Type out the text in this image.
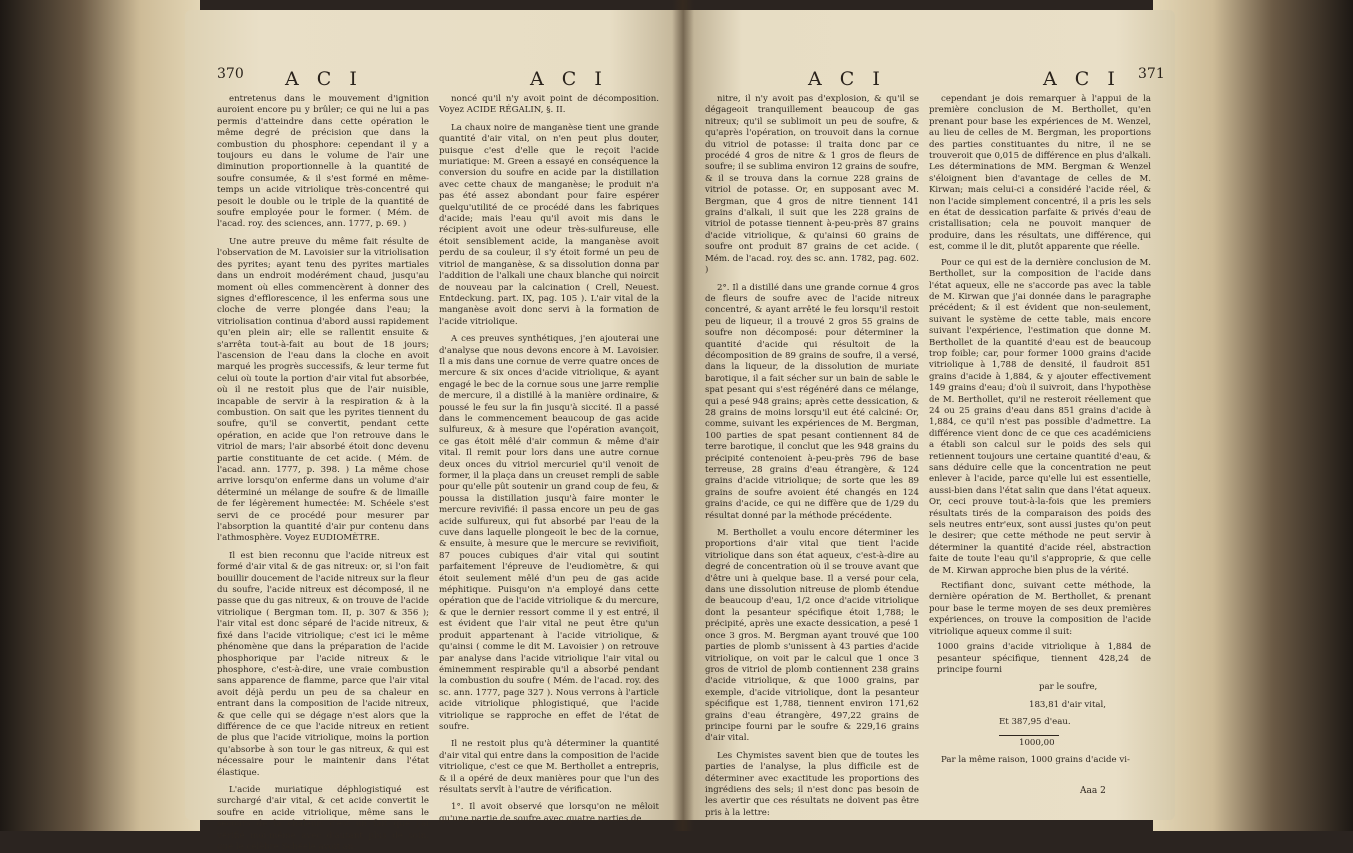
370 A C I	A C I

entretenus dans le mouvement d'ignition auroient encore pu y brûler; ce qui ne lui a pas permis d'atteindre dans cette opération le même degré de précision que dans la combustion du phosphore: cependant il y a toujours eu dans le volume de l'air une diminution proportionnelle à la quantité de soufre consumée, & il s'est formé en même-temps un acide vitriolique très-concentré qui pesoit le double ou le triple de la quantité de soufre employée pour le former. ( Mém. de l'acad. roy. des sciences, ann. 1777, p. 69. )

Une autre preuve du même fait résulte de l'observation de M. Lavoisier sur la vitriolisation des pyrites; ayant tenu des pyrites martiales dans un endroit modérément chaud, jusqu'au moment où elles commencèrent à donner des signes d'efflorescence, il les enferma sous une cloche de verre plongée dans l'eau; la vitriolisation continua d'abord aussi rapidement qu'en plein air; elle se rallentit ensuite & s'arrêta tout-à-fait au bout de 18 jours; l'ascension de l'eau dans la cloche en avoit marqué les progrès successifs, & leur terme fut celui où toute la portion d'air vital fut absorbée, où il ne restoit plus que de l'air nuisible, incapable de servir à la respiration & à la combustion. On sait que les pyrites tiennent du soufre, qu'il se convertit, pendant cette opération, en acide que l'on retrouve dans le vitriol de mars; l'air absorbé étoit donc devenu partie constituante de cet acide. ( Mém. de l'acad. ann. 1777, p. 398. ) La même chose arrive lorsqu'on enferme dans un volume d'air déterminé un mélange de soufre & de limaille de fer légèrement humectée: M. Schéele s'est servi de ce procédé pour mesurer par l'absorption la quantité d'air pur contenu dans l'athmosphère. Voyez EUDIOMÈTRE.

Il est bien reconnu que l'acide nitreux est formé d'air vital & de gas nitreux: or, si l'on fait bouillir doucement de l'acide nitreux sur la fleur du soufre, l'acide nitreux est décomposé, il ne passe que du gas nitreux, & on trouve de l'acide vitriolique ( Bergman tom. II, p. 307 & 356 ); l'air vital est donc séparé de l'acide nitreux, & fixé dans l'acide vitriolique; c'est ici le même phénomène que dans la préparation de l'acide phosphorique par l'acide nitreux & le phosphore, c'est-à-dire, une vraie combustion sans apparence de flamme, parce que l'air vital avoit déjà perdu un peu de sa chaleur en entrant dans la composition de l'acide nitreux, & que celle qui se dégage n'est alors que la différence de ce que l'acide nitreux en retient de plus que l'acide vitriolique, moins la portion qu'absorbe à son tour le gas nitreux, & qui est nécessaire pour le maintenir dans l'état élastique.

L'acide muriatique déphlogistiqué est surchargé d'air vital, & cet acide convertit le soufre en acide vitriolique, même sans le secours de la chaleur; c'est un fait que j'ai vérifié moi-même avec d'autant plus de soin, que le célèbre Schéele avoit an-

noncé qu'il n'y avoit point de décomposition. Voyez ACIDE RÉGALIN, §. II.

La chaux noire de manganèse tient une grande quantité d'air vital, on n'en peut plus douter, puisque c'est d'elle que le reçoit l'acide muriatique: M. Green a essayé en conséquence la conversion du soufre en acide par la distillation avec cette chaux de manganèse; le produit n'a pas été assez abondant pour faire espérer quelqu'utilité de ce procédé dans les fabriques d'acide; mais l'eau qu'il avoit mis dans le récipient avoit une odeur très-sulfureuse, elle étoit sensiblement acide, la manganèse avoit perdu de sa couleur, il s'y étoit formé un peu de vitriol de manganèse, & sa dissolution donna par l'addition de l'alkali une chaux blanche qui noircit de nouveau par la calcination ( Crell, Neuest. Entdeckung. part. IX, pag. 105 ). L'air vital de la manganèse avoit donc servi à la formation de l'acide vitriolique.

A ces preuves synthétiques, j'en ajouterai une d'analyse que nous devons encore à M. Lavoisier. Il a mis dans une cornue de verre quatre onces de mercure & six onces d'acide vitriolique, & ayant engagé le bec de la cornue sous une jarre remplie de mercure, il a distillé à la manière ordinaire, & poussé le feu sur la fin jusqu'à siccité. Il a passé dans le commencement beaucoup de gas acide sulfureux, & à mesure que l'opération avançoit, ce gas étoit mêlé d'air commun & même d'air vital. Il remit pour lors dans une autre cornue deux onces du vitriol mercuriel qu'il venoit de former, il la plaça dans un creuset rempli de sable pour qu'elle pût soutenir un grand coup de feu, & poussa la distillation jusqu'à faire monter le mercure revivifié: il passa encore un peu de gas acide sulfureux, qui fut absorbé par l'eau de la cuve dans laquelle plongeoit le bec de la cornue, & ensuite, à mesure que le mercure se revivifioit, 87 pouces cubiques d'air vital qui soutint parfaitement l'épreuve de l'eudiomètre, & qui étoit seulement mêlé d'un peu de gas acide méphitique. Puisqu'on n'a employé dans cette opération que de l'acide vitriolique & du mercure, & que le dernier ressort comme il y est entré, il est évident que l'air vital ne peut être qu'un produit appartenant à l'acide vitriolique, & qu'ainsi ( comme le dit M. Lavoisier ) on retrouve par analyse dans l'acide vitriolique l'air vital ou éminemment respirable qu'il a absorbé pendant la combustion du soufre ( Mém. de l'acad. roy. des sc. ann. 1777, page 327 ). Nous verrons à l'article acide vitriolique phlogistiqué, que l'acide vitriolique se rapproche en effet de l'état de soufre.

Il ne restoit plus qu'à déterminer la quantité d'air vital qui entre dans la composition de l'acide vitriolique, c'est ce que M. Berthollet a entrepris, & il a opéré de deux manières pour que l'un des résultats servît à l'autre de vérification.

1°. Il avoit observé que lorsqu'on ne mêloit qu'une partie de soufre avec quatre parties de

A C I	A C I 371

nitre, il n'y avoit pas d'explosion, & qu'il se dégageoit tranquillement beaucoup de gas nitreux; qu'il se sublimoit un peu de soufre, & qu'après l'opération, on trouvoit dans la cornue du vitriol de potasse: il traita donc par ce procédé 4 gros de nitre & 1 gros de fleurs de soufre; il se sublima environ 12 grains de soufre, & il se trouva dans la cornue 228 grains de vitriol de potasse. Or, en supposant avec M. Bergman, que 4 gros de nitre tiennent 141 grains d'alkali, il suit que les 228 grains de vitriol de potasse tiennent à-peu-près 87 grains d'acide vitriolique, & qu'ainsi 60 grains de soufre ont produit 87 grains de cet acide. ( Mém. de l'acad. roy. des sc. ann. 1782, pag. 602. )

2°. Il a distillé dans une grande cornue 4 gros de fleurs de soufre avec de l'acide nitreux concentré, & ayant arrêté le feu lorsqu'il restoit peu de liqueur, il a trouvé 2 gros 55 grains de soufre non décomposé: pour déterminer la quantité d'acide qui résultoit de la décomposition de 89 grains de soufre, il a versé, dans la liqueur, de la dissolution de muriate barotique, il a fait sécher sur un bain de sable le spat pesant qui s'est régénéré dans ce mélange, qui a pesé 948 grains; après cette dessication, & 28 grains de moins lorsqu'il eut été calciné: Or, comme, suivant les expériences de M. Bergman, 100 parties de spat pesant contiennent 84 de terre barotique, il conclut que les 948 grains du précipité contenoient à-peu-près 796 de base terreuse, 28 grains d'eau étrangère, & 124 grains d'acide vitriolique; de sorte que les 89 grains de soufre avoient été changés en 124 grains d'acide, ce qui ne diffère que de 1/29 du résultat donné par la méthode précédente.

M. Berthollet a voulu encore déterminer les proportions d'air vital que tient l'acide vitriolique dans son état aqueux, c'est-à-dire au degré de concentration où il se trouve avant que d'être uni à quelque base. Il a versé pour cela, dans une dissolution nitreuse de plomb étendue de beaucoup d'eau, 1/2 once d'acide vitriolique dont la pesanteur spécifique étoit 1,788; le précipité, après une exacte dessication, a pesé 1 once 3 gros. M. Bergman ayant trouvé que 100 parties de plomb s'unissent à 43 parties d'acide vitriolique, on voit par le calcul que 1 once 3 gros de vitriol de plomb contiennent 238 grains d'acide vitriolique, & que 1000 grains, par exemple, d'acide vitriolique, dont la pesanteur spécifique est 1,788, tiennent environ 171,62 grains d'eau étrangère, 497,22 grains de principe fourni par le soufre & 229,16 grains d'air vital.

Les Chymistes savent bien que de toutes les parties de l'analyse, la plus difficile est de déterminer avec exactitude les proportions des ingrédiens des sels; il n'est donc pas besoin de les avertir que ces résultats ne doivent pas être pris à la lettre:

cependant je dois remarquer à l'appui de la première conclusion de M. Berthollet, qu'en prenant pour base les expériences de M. Wenzel, au lieu de celles de M. Bergman, les proportions des parties constituantes du nitre, il ne se trouveroit que 0,015 de différence en plus d'alkali. Les déterminations de MM. Bergman & Wenzel s'éloignent bien d'avantage de celles de M. Kirwan; mais celui-ci a considéré l'acide réel, & non l'acide simplement concentré, il a pris les sels en état de dessication parfaite & privés d'eau de cristallisation; cela ne pouvoit manquer de produire, dans les résultats, une différence, qui est, comme il le dit, plutôt apparente que réelle.

Pour ce qui est de la dernière conclusion de M. Berthollet, sur la composition de l'acide dans l'état aqueux, elle ne s'accorde pas avec la table de M. Kirwan que j'ai donnée dans le paragraphe précédent; & il est évident que non-seulement, suivant le système de cette table, mais encore suivant l'expérience, l'estimation que donne M. Berthollet de la quantité d'eau est de beaucoup trop foible; car, pour former 1000 grains d'acide vitriolique à 1,788 de densité, il faudroit 851 grains d'acide à 1,884, & y ajouter effectivement 149 grains d'eau; d'où il suivroit, dans l'hypothèse de M. Berthollet, qu'il ne resteroit réellement que 24 ou 25 grains d'eau dans 851 grains d'acide à 1,884, ce qu'il n'est pas possible d'admettre. La différence vient donc de ce que ces académiciens a établi son calcul sur le poids des sels qui retiennent toujours une certaine quantité d'eau, & sans déduire celle que la concentration ne peut enlever à l'acide, parce qu'elle lui est essentielle, aussi-bien dans l'état salin que dans l'état aqueux. Or, ceci prouve tout-à-la-fois que les premiers résultats tirés de la comparaison des poids des sels neutres entr'eux, sont aussi justes qu'on peut le desirer; que cette méthode ne peut servir à déterminer la quantité d'acide réel, abstraction faite de toute l'eau qu'il s'approprie, & que celle de M. Kirwan approche bien plus de la vérité.

Rectifiant donc, suivant cette méthode, la dernière opération de M. Berthollet, & prenant pour base le terme moyen de ses deux premières expériences, on trouve la composition de l'acide vitriolique aqueux comme il suit:

1000 grains d'acide vitriolique à 1,884 de pesanteur spécifique, tiennent 428,24 de principe fourni

par le soufre,

183,81 d'air vital,

Et 387,95 d'eau.

1000,00

Par la même raison, 1000 grains d'acide vi-

Aaa 2
